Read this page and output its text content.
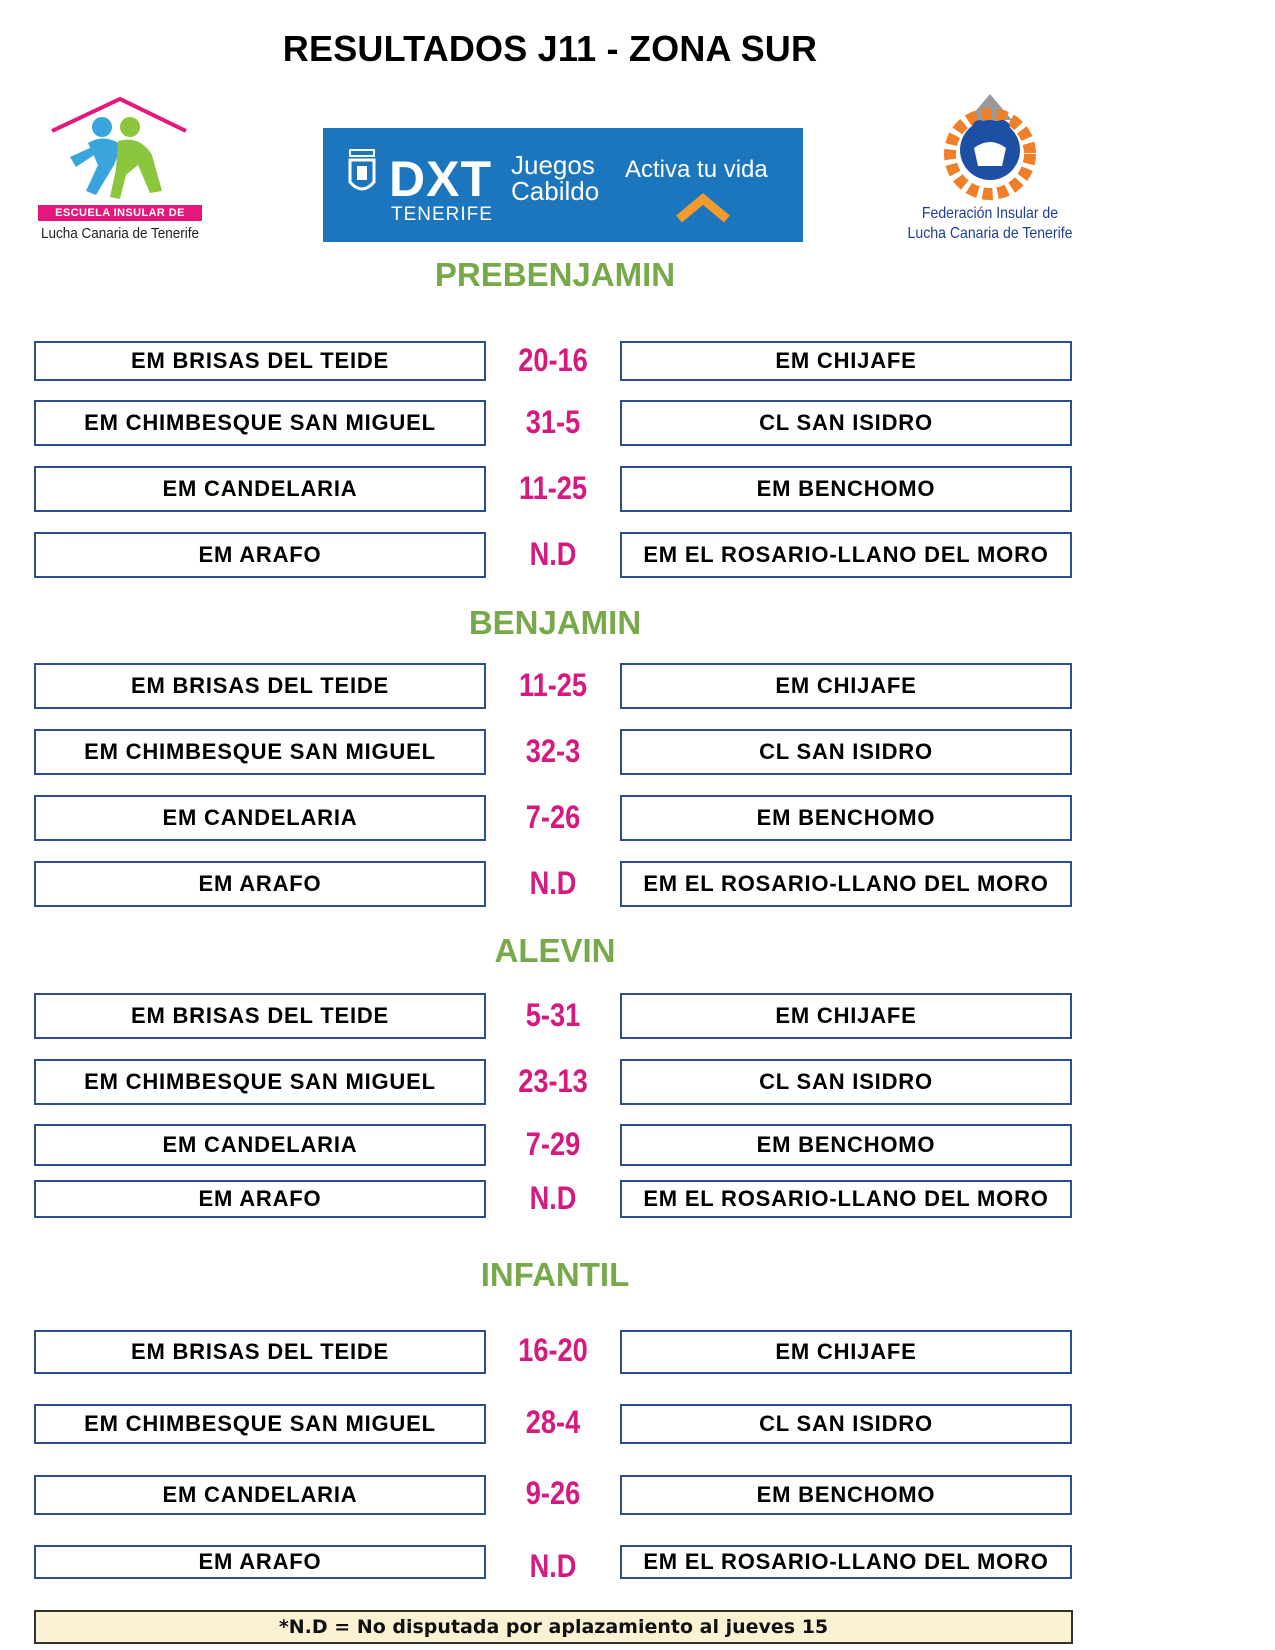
RESULTADOS J11 - ZONA SUR
ESCUELA INSULAR DE
Lucha Canaria de Tenerife
DXT
TENERIFE
Juegos Cabildo
Activa tu vida
Federación Insular de Lucha Canaria de Tenerife
PREBENJAMIN
EM BRISAS DEL TEIDE	20-16	EM CHIJAFE
EM CHIMBESQUE SAN MIGUEL	31-5	CL SAN ISIDRO
EM CANDELARIA	11-25	EM BENCHOMO
EM ARAFO	N.D	EM EL ROSARIO-LLANO DEL MORO
BENJAMIN
EM BRISAS DEL TEIDE	11-25	EM CHIJAFE
EM CHIMBESQUE SAN MIGUEL	32-3	CL SAN ISIDRO
EM CANDELARIA	7-26	EM BENCHOMO
EM ARAFO	N.D	EM EL ROSARIO-LLANO DEL MORO
ALEVIN
EM BRISAS DEL TEIDE	5-31	EM CHIJAFE
EM CHIMBESQUE SAN MIGUEL	23-13	CL SAN ISIDRO
EM CANDELARIA	7-29	EM BENCHOMO
EM ARAFO	N.D	EM EL ROSARIO-LLANO DEL MORO
INFANTIL
EM BRISAS DEL TEIDE	16-20	EM CHIJAFE
EM CHIMBESQUE SAN MIGUEL	28-4	CL SAN ISIDRO
EM CANDELARIA	9-26	EM BENCHOMO
EM ARAFO	N.D	EM EL ROSARIO-LLANO DEL MORO
*N.D = No disputada por aplazamiento al jueves 15
